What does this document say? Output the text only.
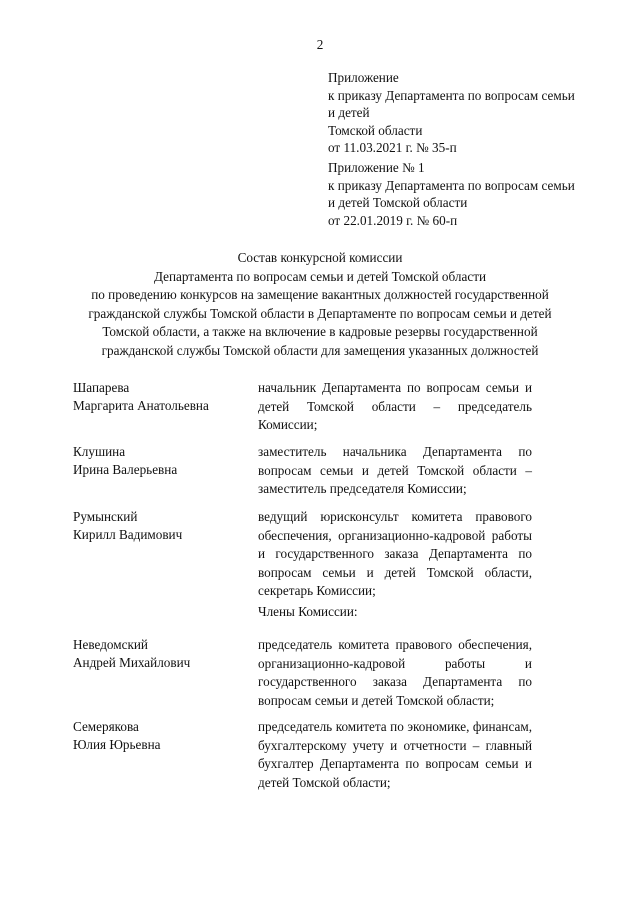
2
Приложение
к приказу Департамента по вопросам семьи
и детей
Томской области
от 11.03.2021 г. № 35-п
Приложение № 1
к приказу Департамента по вопросам семьи
и детей Томской области
от 22.01.2019 г. № 60-п
Состав конкурсной комиссии
Департамента по вопросам семьи и детей Томской области
по проведению конкурсов на замещение вакантных должностей государственной
гражданской службы Томской области в Департаменте по вопросам семьи и детей
Томской области, а также на включение в кадровые резервы государственной
гражданской службы Томской области для замещения указанных должностей
Шапарева
Маргарита Анатольевна
начальник Департамента по вопросам семьи и детей Томской области – председатель Комиссии;
Клушина
Ирина Валерьевна
заместитель начальника Департамента по вопросам семьи и детей Томской области – заместитель председателя Комиссии;
Румынский
Кирилл Вадимович
ведущий юрисконсульт комитета правового обеспечения, организационно-кадровой работы и государственного заказа Департамента по вопросам семьи и детей Томской области, секретарь Комиссии;
Члены Комиссии:
Неведомский
Андрей Михайлович
председатель комитета правового обеспечения, организационно-кадровой работы и государственного заказа Департамента по вопросам семьи и детей Томской области;
Семерякова
Юлия Юрьевна
председатель комитета по экономике, финансам, бухгалтерскому учету и отчетности – главный бухгалтер Департамента по вопросам семьи и детей Томской области;
